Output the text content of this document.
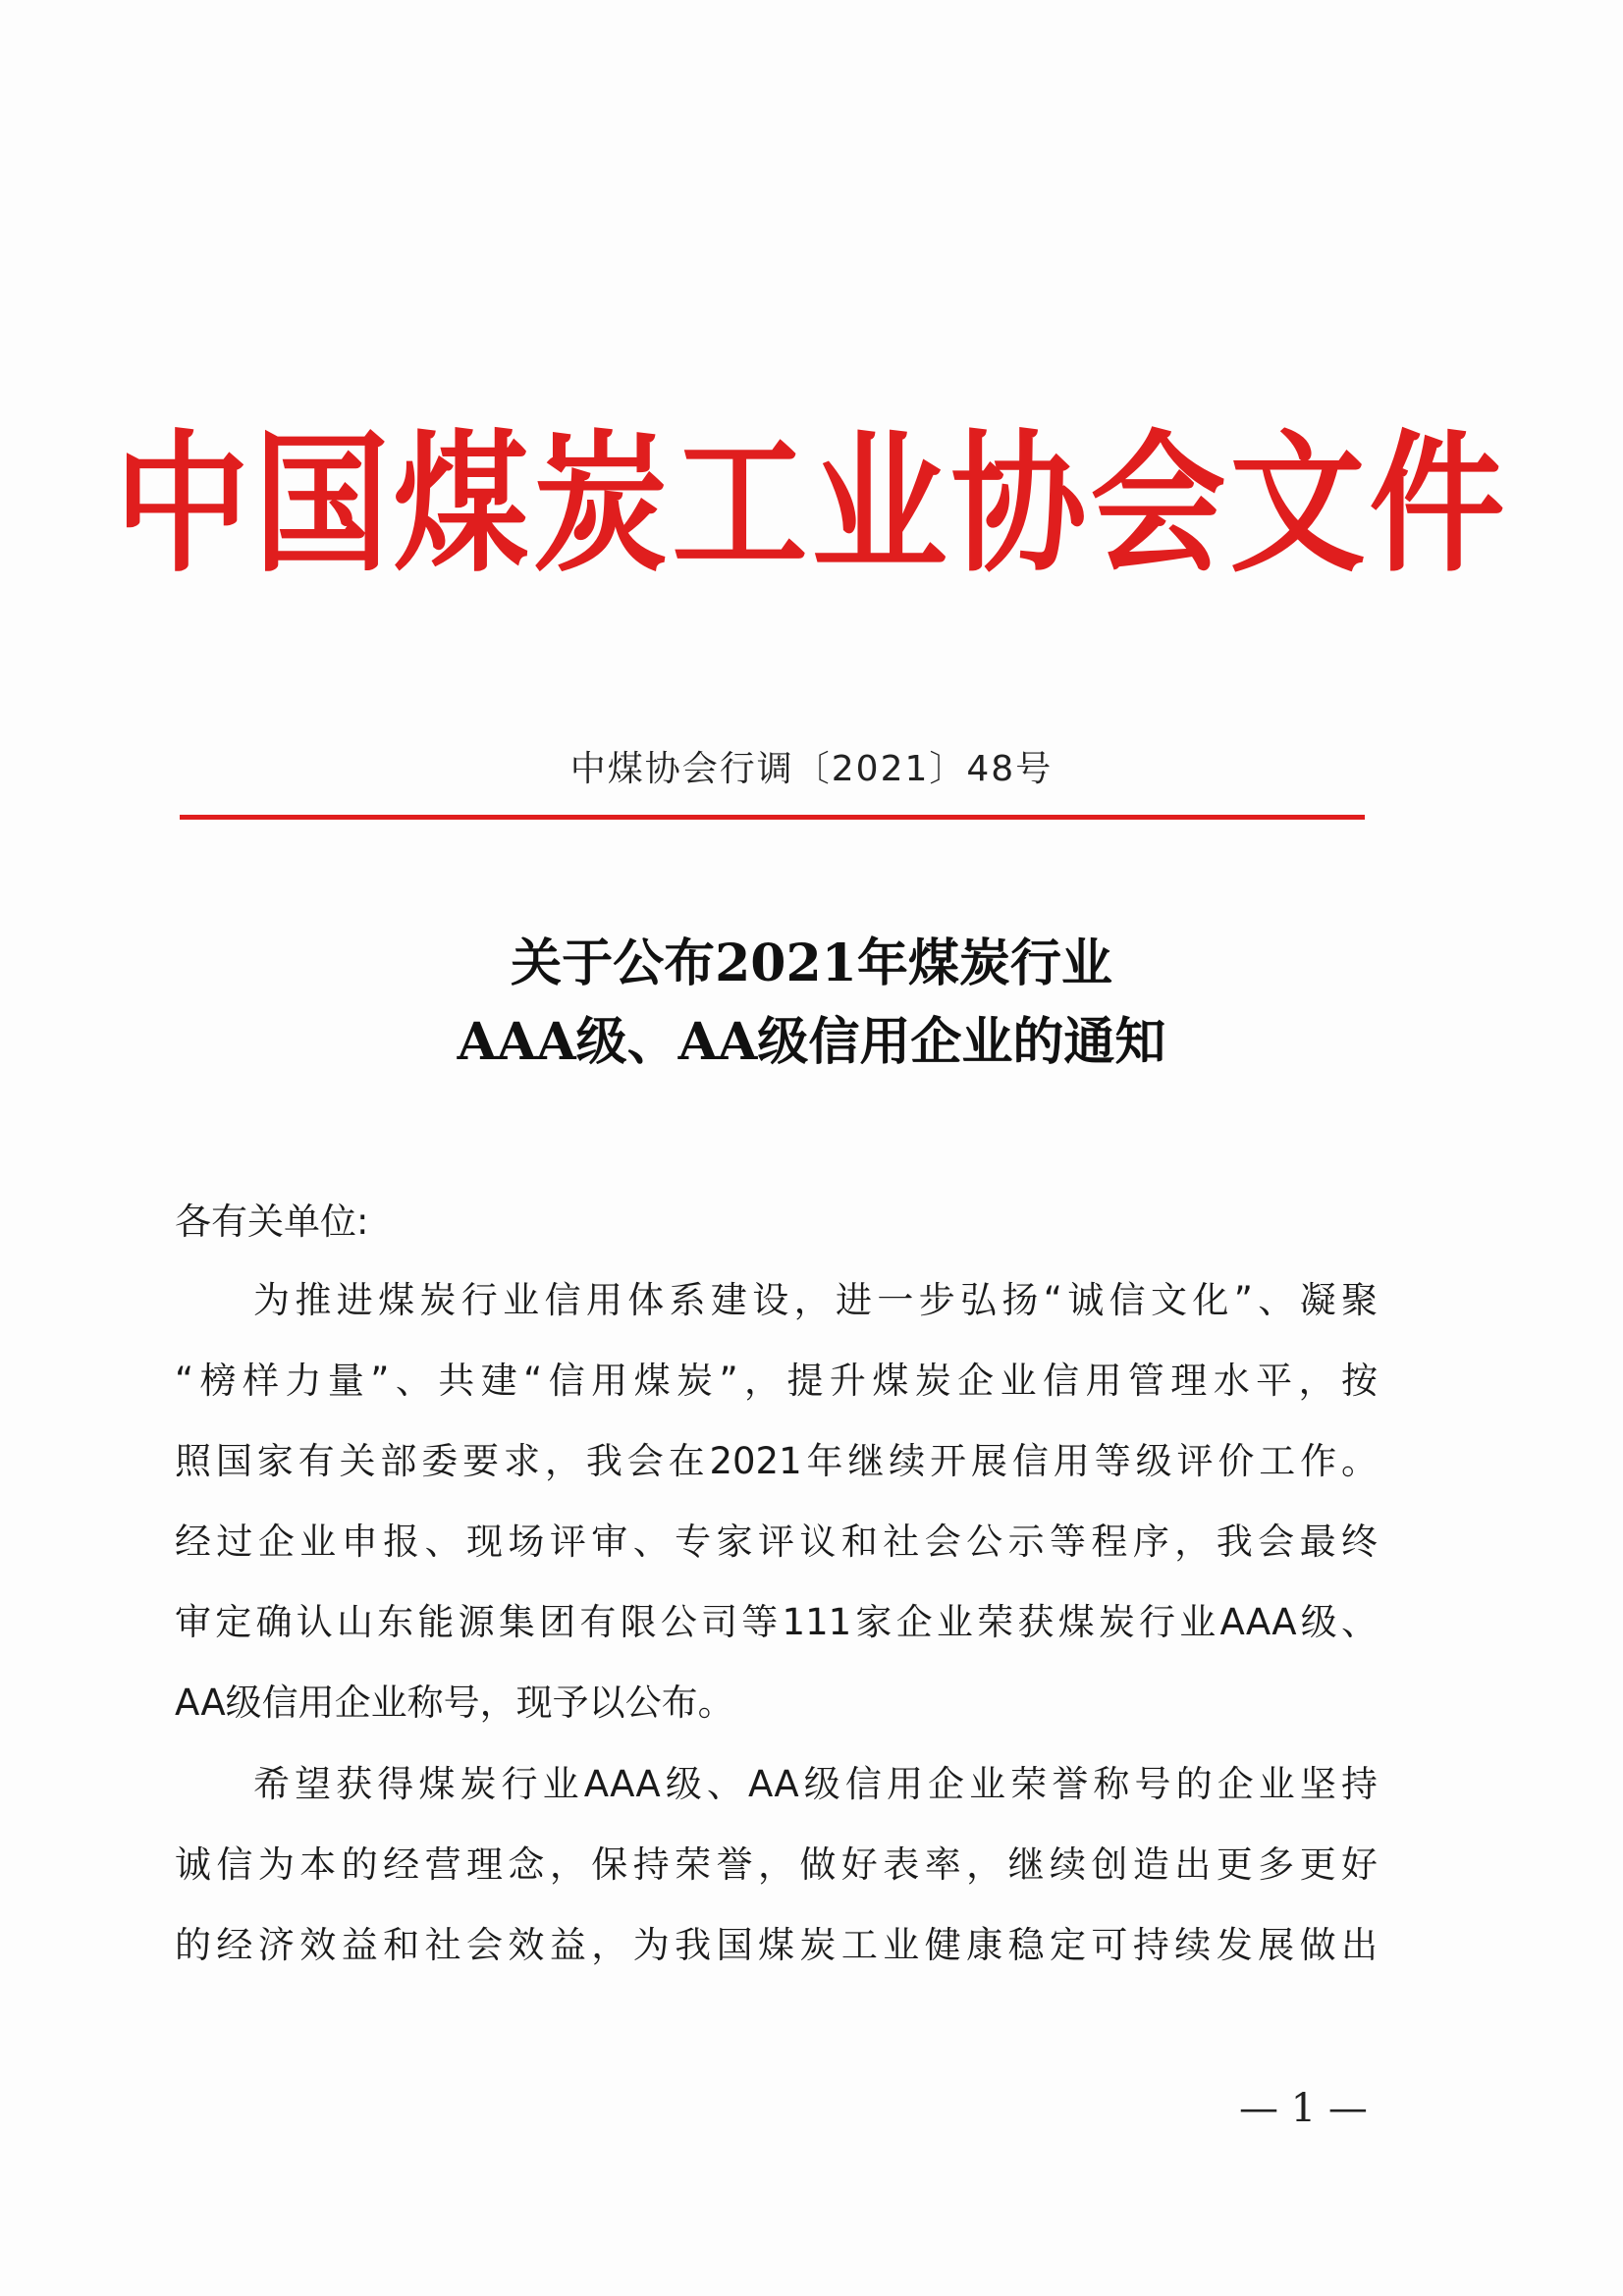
中国煤炭工业协会文件
中煤协会行调〔2021〕48号
关于公布2021年煤炭行业
AAA级、AA级信用企业的通知
各有关单位:
为推进煤炭行业信用体系建设，进一步弘扬“诚信文化”、凝聚
“榜样力量”、共建“信用煤炭”，提升煤炭企业信用管理水平，按
照国家有关部委要求，我会在2021年继续开展信用等级评价工作。
经过企业申报、现场评审、专家评议和社会公示等程序，我会最终
审定确认山东能源集团有限公司等111家企业荣获煤炭行业AAA级、
AA级信用企业称号，现予以公布。
希望获得煤炭行业AAA级、AA级信用企业荣誉称号的企业坚持
诚信为本的经营理念，保持荣誉，做好表率，继续创造出更多更好
的经济效益和社会效益，为我国煤炭工业健康稳定可持续发展做出
— 1 —
